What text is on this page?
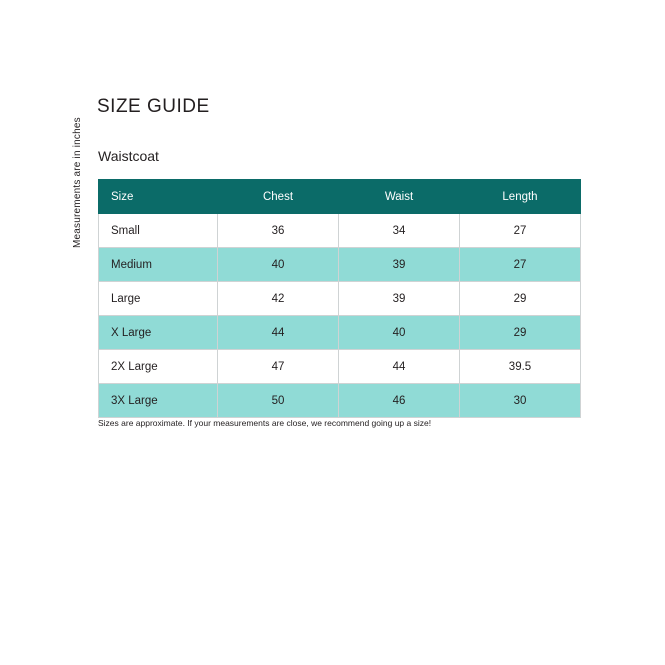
SIZE GUIDE
Waistcoat
Measurements are in inches Size	Chest	Waist	Length
Small	36	34	27
Medium	40	39	27
Large	42	39	29
X Large	44	40	29
2X Large	47	44	39.5
3X Large	50	46	30
Sizes are approximate. If your measurements are close, we recommend going up a size!
